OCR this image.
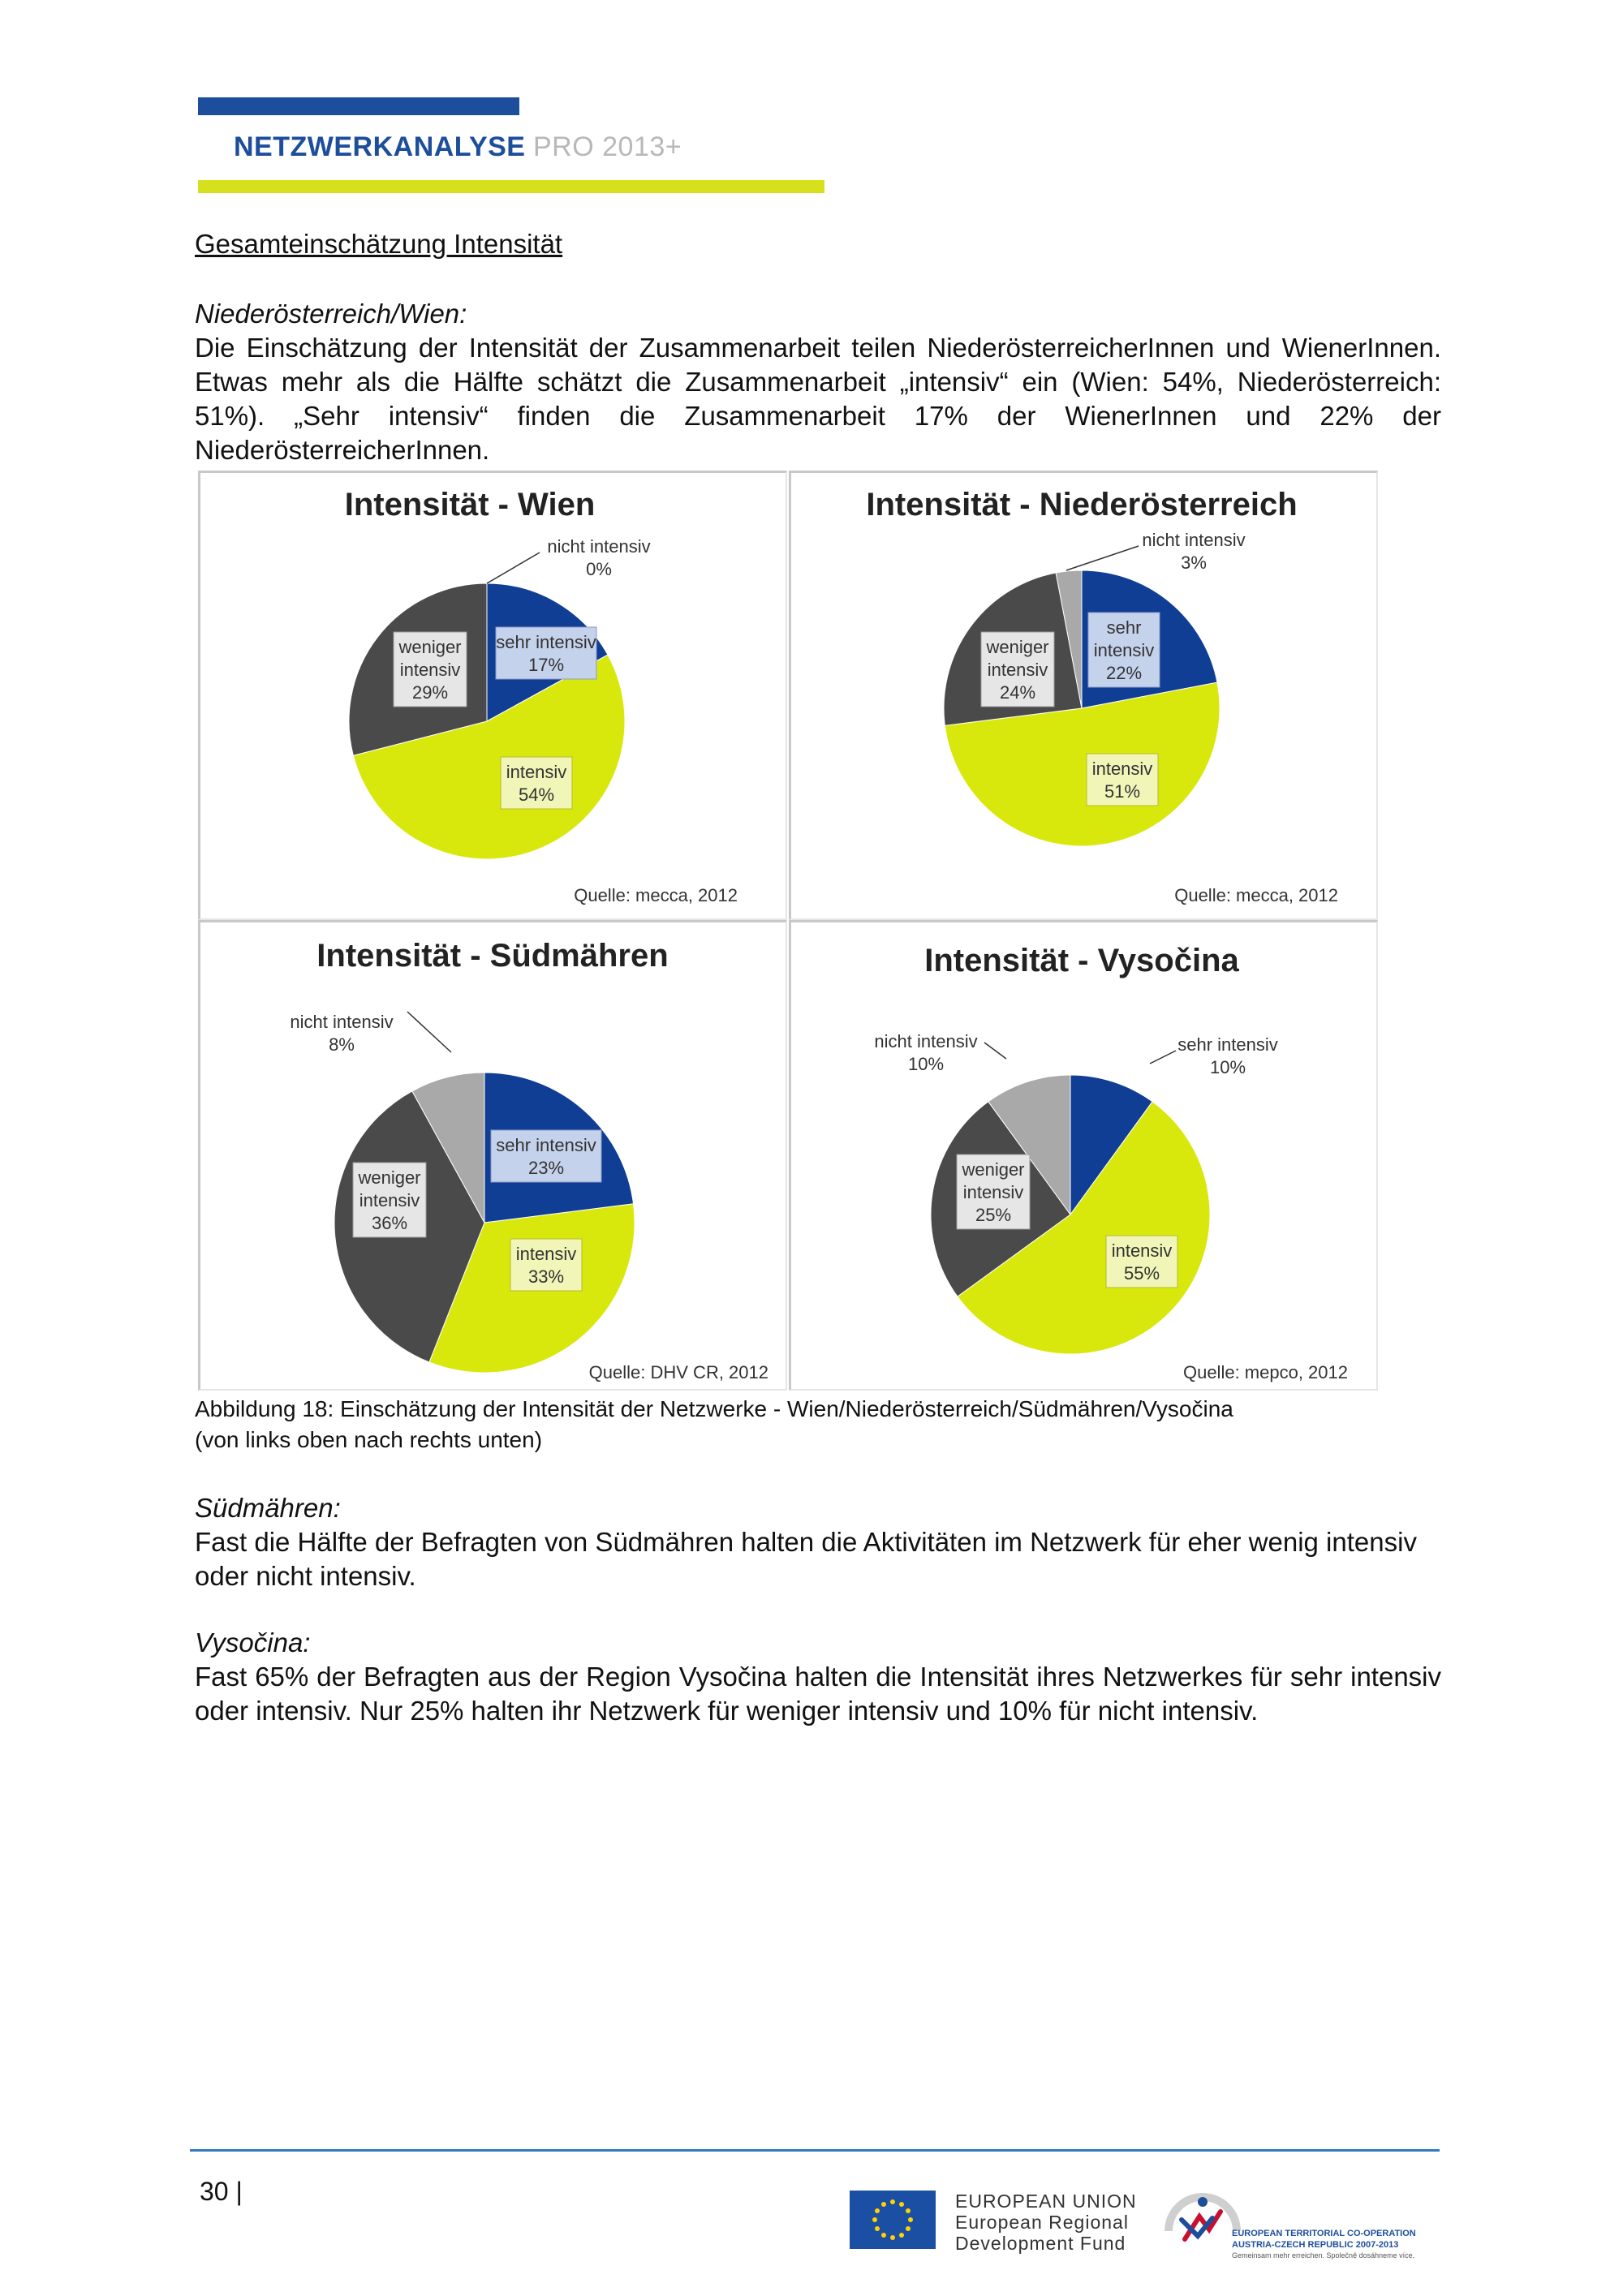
NETZWERKANALYSE PRO 2013+
Gesamteinschätzung Intensität
Niederösterreich/Wien:
Die Einschätzung der Intensität der Zusammenarbeit teilen NiederösterreicherInnen und WienerInnen. Etwas mehr als die Hälfte schätzt die Zusammenarbeit „intensiv“ ein (Wien: 54%, Niederösterreich: 51%). „Sehr intensiv“ finden die Zusammenarbeit 17% der WienerInnen und 22% der NiederösterreicherInnen.
Intensität - Wien
nicht intensiv
0%
sehr intensiv
17%
weniger
intensiv
29%
intensiv
54%
Quelle: mecca, 2012
Intensität - Niederösterreich
nicht intensiv
3%
sehr
intensiv
22%
weniger
intensiv
24%
intensiv
51%
Quelle: mecca, 2012
Intensität - Südmähren
nicht intensiv
8%
sehr intensiv
23%
weniger
intensiv
36%
intensiv
33%
Quelle: DHV CR, 2012
Intensität - Vysočina
nicht intensiv
10%
sehr intensiv
10%
weniger
intensiv
25%
intensiv
55%
Quelle: mepco, 2012
Abbildung 18: Einschätzung der Intensität der Netzwerke - Wien/Niederösterreich/Südmähren/Vysočina
(von links oben nach rechts unten)
Südmähren:
Fast die Hälfte der Befragten von Südmähren halten die Aktivitäten im Netzwerk für eher wenig intensiv oder nicht intensiv.
Vysočina:
Fast 65% der Befragten aus der Region Vysočina halten die Intensität ihres Netzwerkes für sehr intensiv oder intensiv. Nur 25% halten ihr Netzwerk für weniger intensiv und 10% für nicht intensiv.
30 |	EUROPEAN UNION
European Regional
Development Fund	EUROPEAN TERRITORIAL CO-OPERATION
AUSTRIA-CZECH REPUBLIC 2007-2013
Gemeinsam mehr erreichen. Společně dosáhneme více.
